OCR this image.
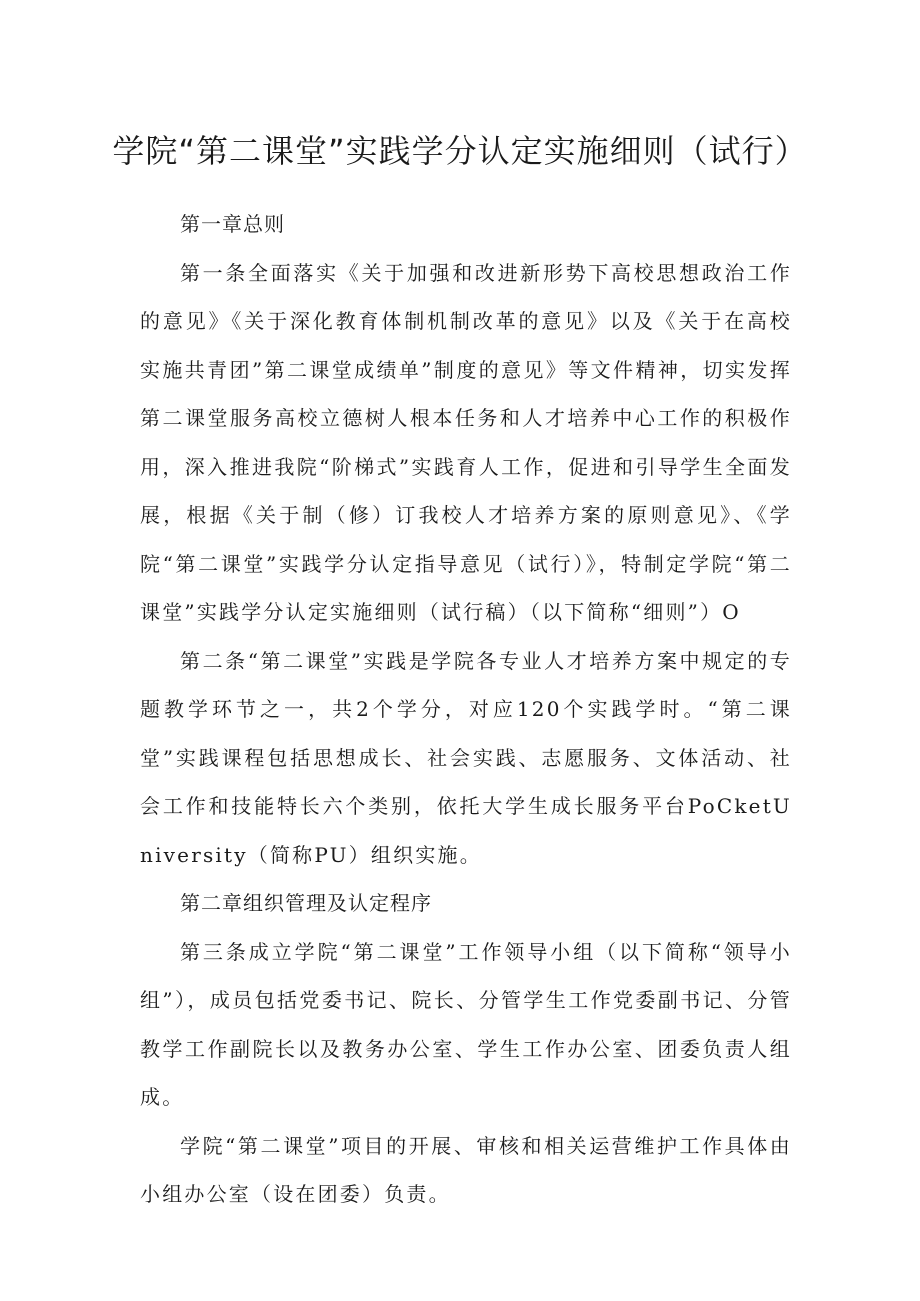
学院“第二课堂”实践学分认定实施细则（试行）

第一章总则

第一条全面落实《关于加强和改进新形势下高校思想政治工作的意见》《关于深化教育体制机制改革的意见》以及《关于在高校实施共青团”第二课堂成绩单”制度的意见》等文件精神，切实发挥第二课堂服务高校立德树人根本任务和人才培养中心工作的积极作用，深入推进我院“阶梯式”实践育人工作，促进和引导学生全面发展，根据《关于制（修）订我校人才培养方案的原则意见》、《学院“第二课堂”实践学分认定指导意见（试行）》，特制定学院“第二课堂”实践学分认定实施细则（试行稿）（以下简称“细则”）O

第二条“第二课堂”实践是学院各专业人才培养方案中规定的专题教学环节之一，共2个学分，对应120个实践学时。“第二课堂”实践课程包括思想成长、社会实践、志愿服务、文体活动、社会工作和技能特长六个类别，依托大学生成长服务平台PoCketUniversity（简称PU）组织实施。

第二章组织管理及认定程序

第三条成立学院“第二课堂”工作领导小组（以下简称“领导小组”），成员包括党委书记、院长、分管学生工作党委副书记、分管教学工作副院长以及教务办公室、学生工作办公室、团委负责人组成。

学院“第二课堂”项目的开展、审核和相关运营维护工作具体由小组办公室（设在团委）负责。
